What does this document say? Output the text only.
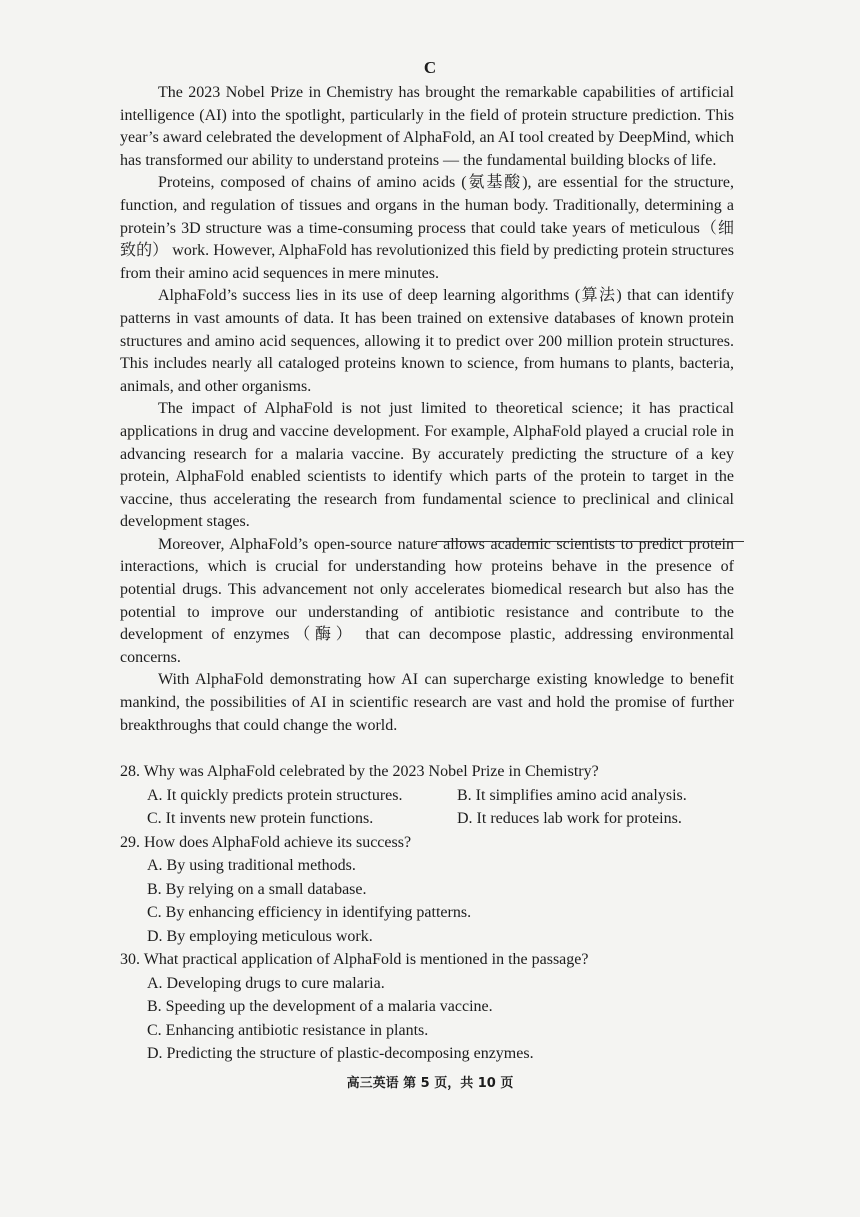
C

The 2023 Nobel Prize in Chemistry has brought the remarkable capabilities of artificial intelligence (AI) into the spotlight, particularly in the field of protein structure prediction. This year’s award celebrated the development of AlphaFold, an AI tool created by DeepMind, which has transformed our ability to understand proteins — the fundamental building blocks of life.

Proteins, composed of chains of amino acids (氨基酸), are essential for the structure, function, and regulation of tissues and organs in the human body. Traditionally, determining a protein’s 3D structure was a time-consuming process that could take years of meticulous（细致的） work. However, AlphaFold has revolutionized this field by predicting protein structures from their amino acid sequences in mere minutes.

AlphaFold’s success lies in its use of deep learning algorithms (算法) that can identify patterns in vast amounts of data. It has been trained on extensive databases of known protein structures and amino acid sequences, allowing it to predict over 200 million protein structures. This includes nearly all cataloged proteins known to science, from humans to plants, bacteria, animals, and other organisms.

The impact of AlphaFold is not just limited to theoretical science; it has practical applications in drug and vaccine development. For example, AlphaFold played a crucial role in advancing research for a malaria vaccine. By accurately predicting the structure of a key protein, AlphaFold enabled scientists to identify which parts of the protein to target in the vaccine, thus accelerating the research from fundamental science to preclinical and clinical development stages.

Moreover, AlphaFold’s open-source nature allows academic scientists to predict protein interactions, which is crucial for understanding how proteins behave in the presence of potential drugs. This advancement not only accelerates biomedical research but also has the potential to improve our understanding of antibiotic resistance and contribute to the development of enzymes（酶） that can decompose plastic, addressing environmental concerns.

With AlphaFold demonstrating how AI can supercharge existing knowledge to benefit mankind, the possibilities of AI in scientific research are vast and hold the promise of further breakthroughs that could change the world.

28. Why was AlphaFold celebrated by the 2023 Nobel Prize in Chemistry?

A. It quickly predicts protein structures.	B. It simplifies amino acid analysis.

C. It invents new protein functions.	D. It reduces lab work for proteins.

29. How does AlphaFold achieve its success?

A. By using traditional methods.

B. By relying on a small database.

C. By enhancing efficiency in identifying patterns.

D. By employing meticulous work.

30. What practical application of AlphaFold is mentioned in the passage?

A. Developing drugs to cure malaria.

B. Speeding up the development of a malaria vaccine.

C. Enhancing antibiotic resistance in plants.

D. Predicting the structure of plastic-decomposing enzymes.

高三英语 第 5 页，共 10 页
